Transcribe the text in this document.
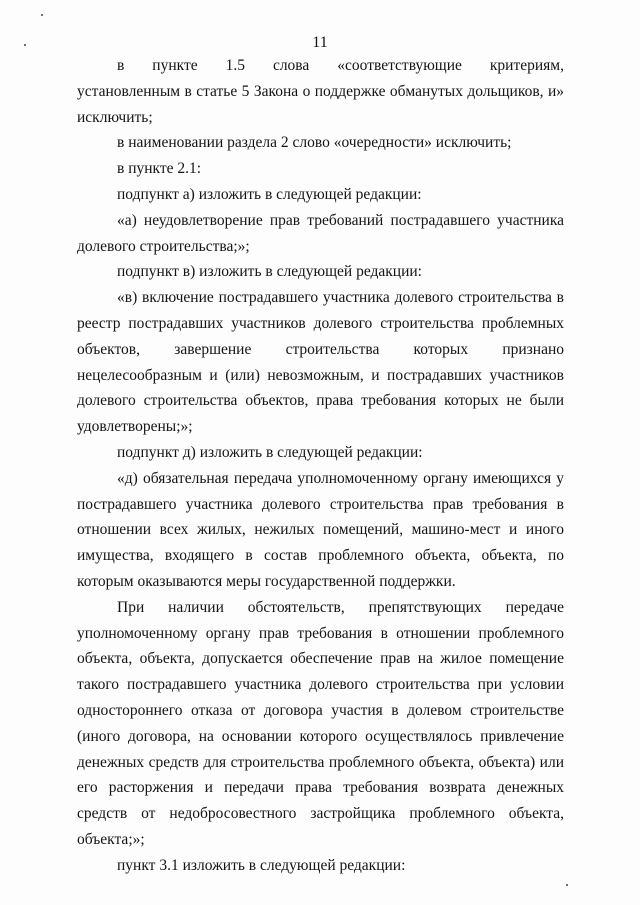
11
в пункте 1.5 слова «соответствующие критериям,

установленным в статье 5 Закона о поддержке обманутых дольщиков, и» исключить;

в наименовании раздела 2 слово «очередности» исключить;

в пункте 2.1:

подпункт а) изложить в следующей редакции:

«а) неудовлетворение прав требований пострадавшего участника долевого строительства;»;

подпункт в) изложить в следующей редакции:

«в) включение пострадавшего участника долевого строительства в реестр пострадавших участников долевого строительства проблемных объектов, завершение строительства которых признано нецелесообразным и (или) невозможным, и пострадавших участников долевого строительства объектов, права требования которых не были удовлетворены;»;

подпункт д) изложить в следующей редакции:

«д) обязательная передача уполномоченному органу имеющихся у пострадавшего участника долевого строительства прав требования в отношении всех жилых, нежилых помещений, машино-мест и иного имущества, входящего в состав проблемного объекта, объекта, по которым оказываются меры государственной поддержки.

При наличии обстоятельств, препятствующих передаче уполномоченному органу прав требования в отношении проблемного объекта, объекта, допускается обеспечение прав на жилое помещение такого пострадавшего участника долевого строительства при условии одностороннего отказа от договора участия в долевом строительстве (иного договора, на основании которого осуществлялось привлечение денежных средств для строительства проблемного объекта, объекта) или его расторжения и передачи права требования возврата денежных средств от недобросовестного застройщика проблемного объекта, объекта;»;

пункт 3.1 изложить в следующей редакции:
